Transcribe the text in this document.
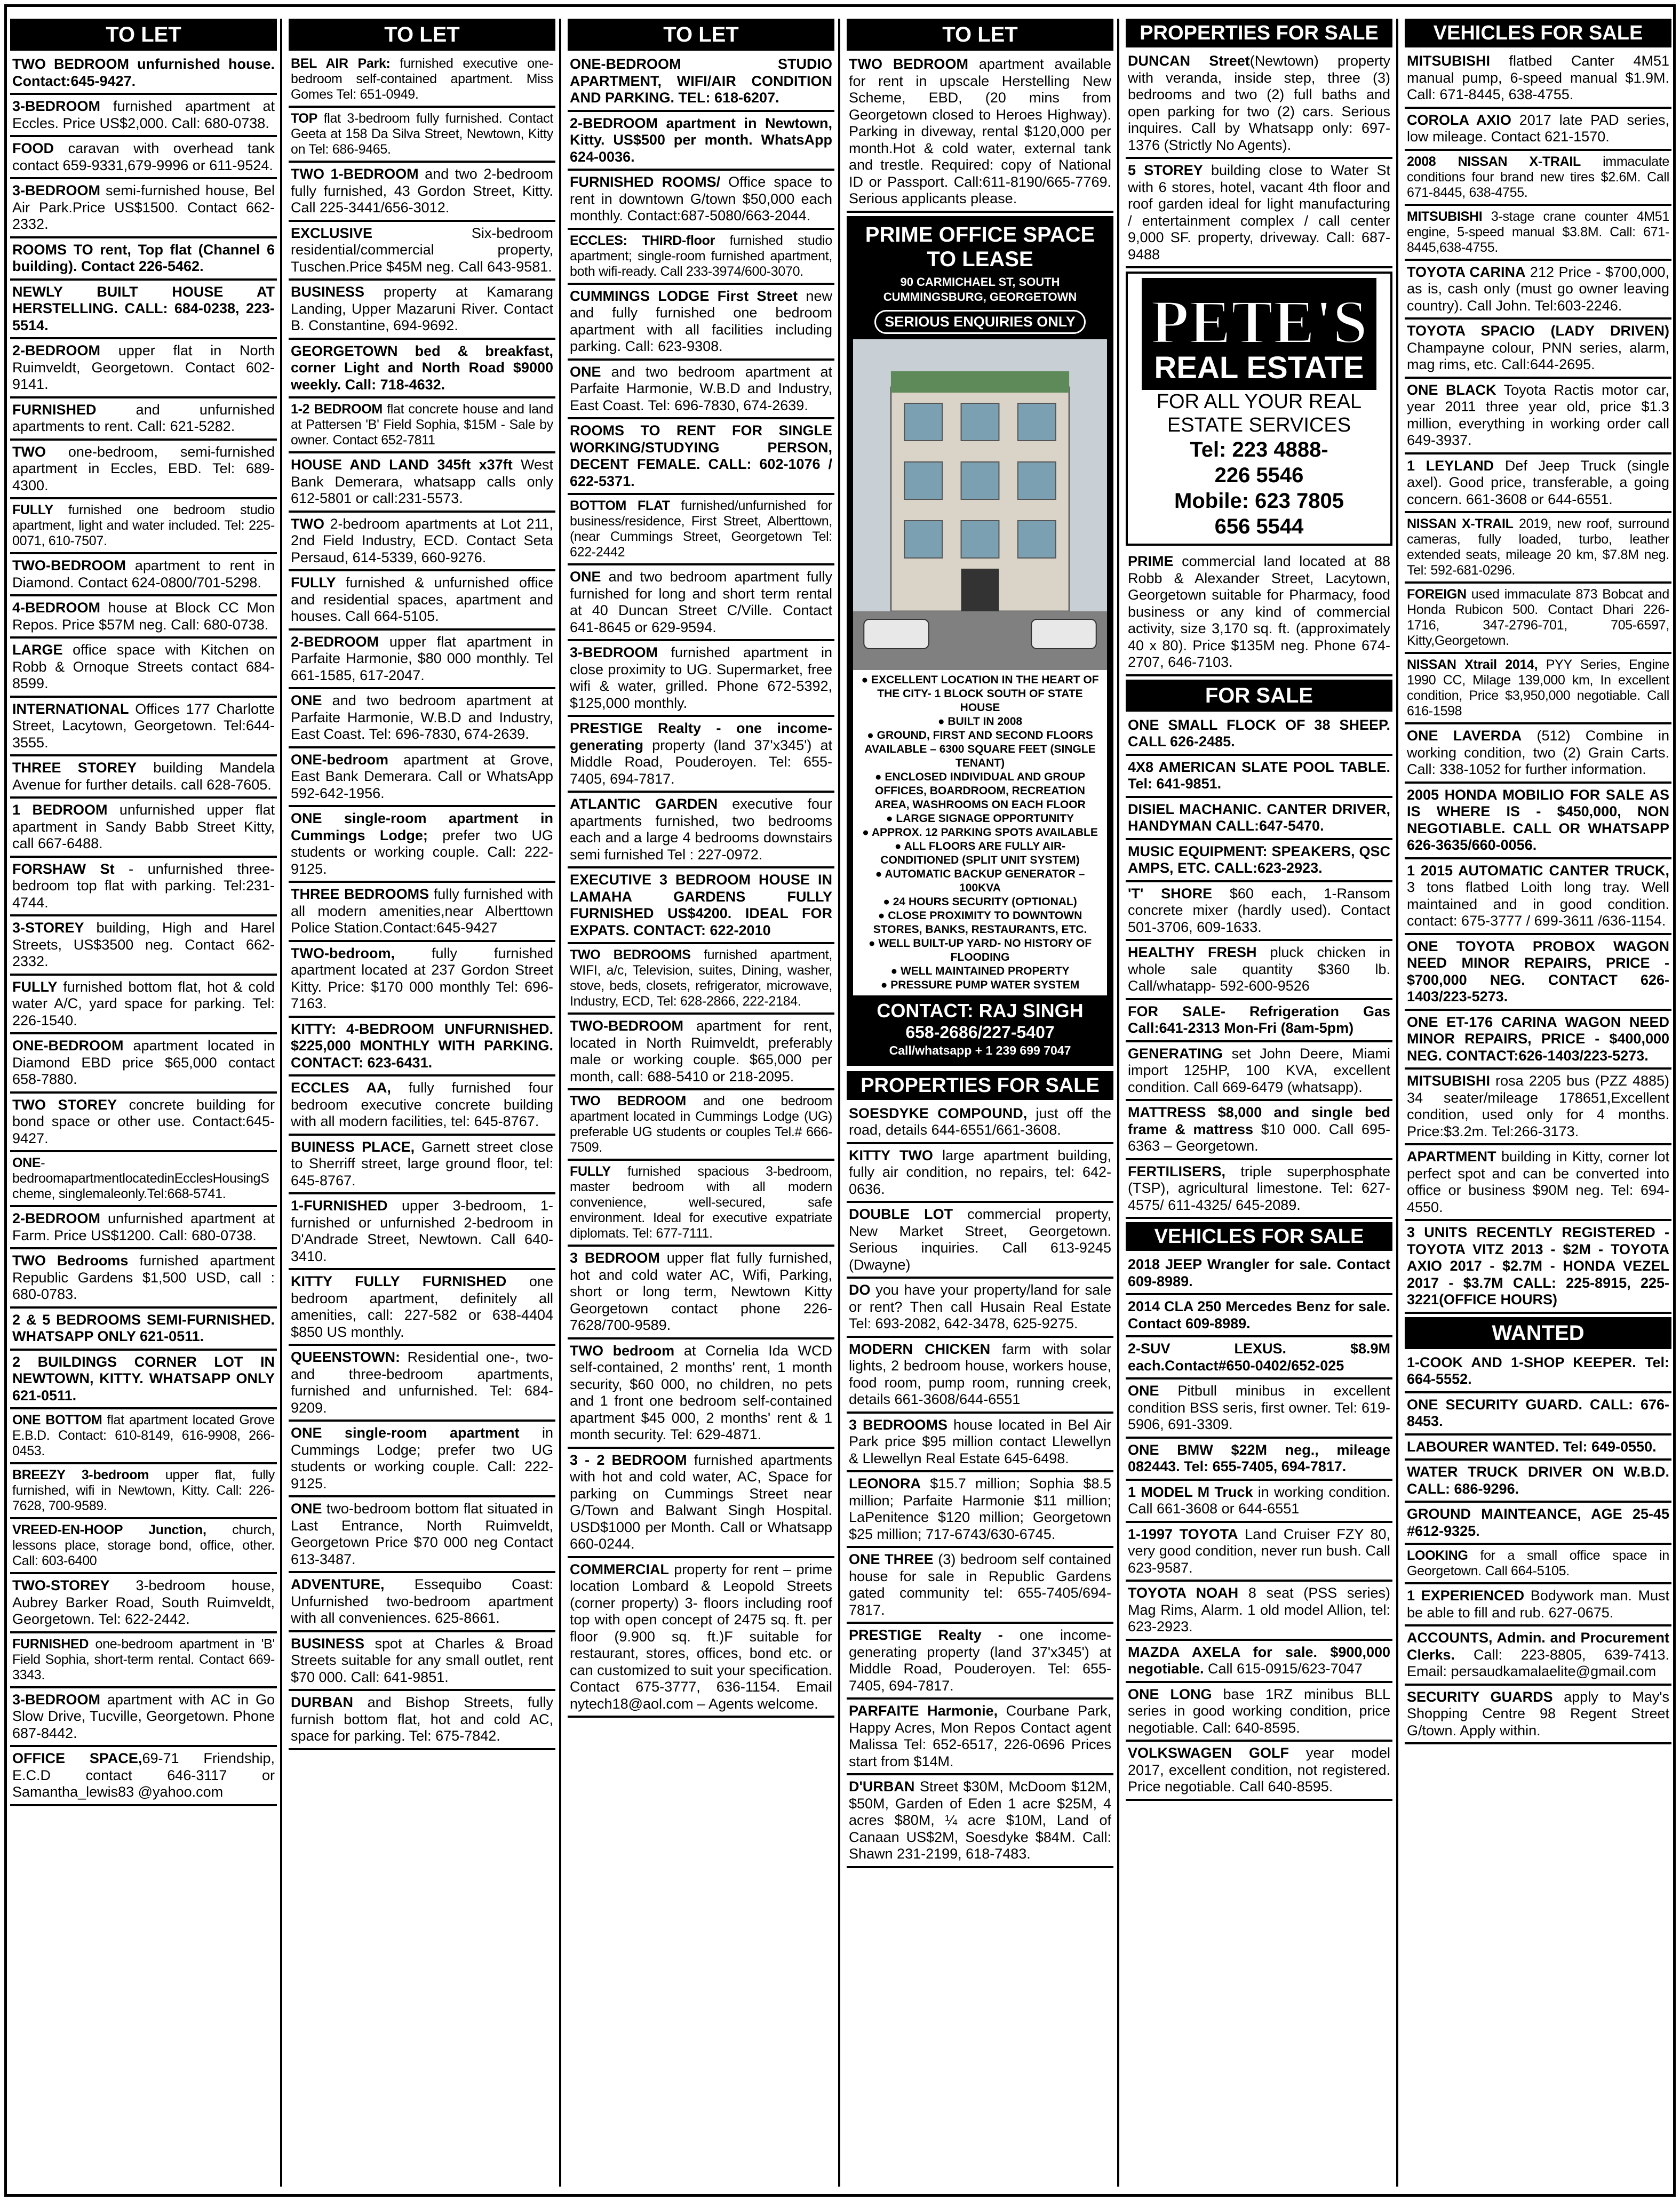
TO LET
TWO BEDROOM unfurnished house. Contact:645-9427.
3-BEDROOM furnished apartment at Eccles. Price US$2,000. Call: 680-0738.
FOOD caravan with overhead tank contact 659-9331,679-9996 or 611-9524.
3-BEDROOM semi-furnished house, Bel Air Park.Price US$1500. Contact 662-2332.
ROOMS TO rent, Top flat (Channel 6 building). Contact 226-5462.
NEWLY BUILT HOUSE AT HERSTELLING. CALL: 684-0238, 223-5514.
2-BEDROOM upper flat in North Ruimveldt, Georgetown. Contact 602-9141.
FURNISHED and unfurnished apartments to rent. Call: 621-5282.
TWO one-bedroom, semi-furnished apartment in Eccles, EBD. Tel: 689-4300.
FULLY furnished one bedroom studio apartment, light and water included. Tel: 225-0071, 610-7507.
TWO-BEDROOM apartment to rent in Diamond. Contact 624-0800/701-5298.
4-BEDROOM house at Block CC Mon Repos. Price $57M neg. Call: 680-0738.
LARGE office space with Kitchen on Robb & Ornoque Streets contact 684-8599.
INTERNATIONAL Offices 177 Charlotte Street, Lacytown, Georgetown. Tel:644-3555.
THREE STOREY building Mandela Avenue for further details. call 628-7605.
1 BEDROOM unfurnished upper flat apartment in Sandy Babb Street Kitty, call 667-6488.
FORSHAW St - unfurnished three-bedroom top flat with parking. Tel:231-4744.
3-STOREY building, High and Harel Streets, US$3500 neg. Contact 662-2332.
FULLY furnished bottom flat, hot & cold water A/C, yard space for parking. Tel: 226-1540.
ONE-BEDROOM apartment located in Diamond EBD price $65,000 contact 658-7880.
TWO STOREY concrete building for bond space or other use. Contact:645-9427.
ONE-bedroomapartmentlocatedinEcclesHousingScheme, singlemaleonly.Tel:668-5741.
2-BEDROOM unfurnished apartment at Farm. Price US$1200. Call: 680-0738.
TWO Bedrooms furnished apartment Republic Gardens $1,500 USD, call : 680-0783.
2 & 5 BEDROOMS SEMI-FURNISHED. WHATSAPP ONLY 621-0511.
2 BUILDINGS CORNER LOT IN NEWTOWN, KITTY. WHATSAPP ONLY 621-0511.
ONE BOTTOM flat apartment located Grove E.B.D. Contact: 610-8149, 616-9908, 266-0453.
BREEZY 3-bedroom upper flat, fully furnished, wifi in Newtown, Kitty. Call: 226-7628, 700-9589.
VREED-EN-HOOP Junction, church, lessons place, storage bond, office, other. Call: 603-6400
TWO-STOREY 3-bedroom house, Aubrey Barker Road, South Ruimveldt, Georgetown. Tel: 622-2442.
FURNISHED one-bedroom apartment in 'B' Field Sophia, short-term rental. Contact 669-3343.
3-BEDROOM apartment with AC in Go Slow Drive, Tucville, Georgetown. Phone 687-8442.
OFFICE SPACE,69-71 Friendship, E.C.D contact 646-3117 or Samantha_lewis83 @yahoo.com
TO LET
BEL AIR Park: furnished executive one-bedroom self-contained apartment. Miss Gomes Tel: 651-0949.
TOP flat 3-bedroom fully furnished. Contact Geeta at 158 Da Silva Street, Newtown, Kitty on Tel: 686-9465.
TWO 1-BEDROOM and two 2-bedroom fully furnished, 43 Gordon Street, Kitty. Call 225-3441/656-3012.
EXCLUSIVE Six-bedroom residential/commercial property, Tuschen.Price $45M neg. Call 643-9581.
BUSINESS property at Kamarang Landing, Upper Mazaruni River. Contact B. Constantine, 694-9692.
GEORGETOWN bed & breakfast, corner Light and North Road $9000 weekly. Call: 718-4632.
1-2 BEDROOM flat concrete house and land at Pattersen 'B' Field Sophia, $15M - Sale by owner. Contact 652-7811
HOUSE AND LAND 345ft x37ft West Bank Demerara, whatsapp calls only 612-5801 or call:231-5573.
TWO 2-bedroom apartments at Lot 211, 2nd Field Industry, ECD. Contact Seta Persaud, 614-5339, 660-9276.
FULLY furnished & unfurnished office and residential spaces, apartment and houses. Call 664-5105.
2-BEDROOM upper flat apartment in Parfaite Harmonie, $80 000 monthly. Tel 661-1585, 617-2047.
ONE and two bedroom apartment at Parfaite Harmonie, W.B.D and Industry, East Coast. Tel: 696-7830, 674-2639.
ONE-bedroom apartment at Grove, East Bank Demerara. Call or WhatsApp 592-642-1956.
ONE single-room apartment in Cummings Lodge; prefer two UG students or working couple. Call: 222-9125.
THREE BEDROOMS fully furnished with all modern amenities,near Alberttown Police Station.Contact:645-9427
TWO-bedroom, fully furnished apartment located at 237 Gordon Street Kitty. Price: $170 000 monthly Tel: 696-7163.
KITTY: 4-BEDROOM UNFURNISHED. $225,000 MONTHLY WITH PARKING. CONTACT: 623-6431.
ECCLES AA, fully furnished four bedroom executive concrete building with all modern facilities, tel: 645-8767.
BUINESS PLACE, Garnett street close to Sherriff street, large ground floor, tel: 645-8767.
1-FURNISHED upper 3-bedroom, 1-furnished or unfurnished 2-bedroom in D'Andrade Street, Newtown. Call 640-3410.
KITTY FULLY FURNISHED one bedroom apartment, definitely all amenities, call: 227-582 or 638-4404 $850 US monthly.
QUEENSTOWN: Residential one-, two- and three-bedroom apartments, furnished and unfurnished. Tel: 684-9209.
ONE single-room apartment in Cummings Lodge; prefer two UG students or working couple. Call: 222-9125.
ONE two-bedroom bottom flat situated in Last Entrance, North Ruimveldt, Georgetown Price $70 000 neg Contact 613-3487.
ADVENTURE, Essequibo Coast: Unfurnished two-bedroom apartment with all conveniences. 625-8661.
BUSINESS spot at Charles & Broad Streets suitable for any small outlet, rent $70 000. Call: 641-9851.
DURBAN and Bishop Streets, fully furnish bottom flat, hot and cold AC, space for parking. Tel: 675-7842.
TO LET
ONE-BEDROOM STUDIO APARTMENT, WIFI/AIR CONDITION AND PARKING. TEL: 618-6207.
2-BEDROOM apartment in Newtown, Kitty. US$500 per month. WhatsApp 624-0036.
FURNISHED ROOMS/ Office space to rent in downtown G/town $50,000 each monthly. Contact:687-5080/663-2044.
ECCLES: THIRD-floor furnished studio apartment; single-room furnished apartment, both wifi-ready. Call 233-3974/600-3070.
CUMMINGS LODGE First Street new and fully furnished one bedroom apartment with all facilities including parking. Call: 623-9308.
ONE and two bedroom apartment at Parfaite Harmonie, W.B.D and Industry, East Coast. Tel: 696-7830, 674-2639.
ROOMS TO RENT FOR SINGLE WORKING/STUDYING PERSON, DECENT FEMALE. CALL: 602-1076 / 622-5371.
BOTTOM FLAT furnished/unfurnished for business/residence, First Street, Alberttown, (near Cummings Street, Georgetown Tel: 622-2442
ONE and two bedroom apartment fully furnished for long and short term rental at 40 Duncan Street C/Ville. Contact 641-8645 or 629-9594.
3-BEDROOM furnished apartment in close proximity to UG. Supermarket, free wifi & water, grilled. Phone 672-5392, $125,000 monthly.
PRESTIGE Realty - one income-generating property (land 37'x345') at Middle Road, Pouderoyen. Tel: 655-7405, 694-7817.
ATLANTIC GARDEN executive four apartments furnished, two bedrooms each and a large 4 bedrooms downstairs semi furnished Tel : 227-0972.
EXECUTIVE 3 BEDROOM HOUSE IN LAMAHA GARDENS FULLY FURNISHED US$4200. IDEAL FOR EXPATS. CONTACT: 622-2010
TWO BEDROOMS furnished apartment, WIFI, a/c, Television, suites, Dining, washer, stove, beds, closets, refrigerator, microwave, Industry, ECD, Tel: 628-2866, 222-2184.
TWO-BEDROOM apartment for rent, located in North Ruimveldt, preferably male or working couple. $65,000 per month, call: 688-5410 or 218-2095.
TWO BEDROOM and one bedroom apartment located in Cummings Lodge (UG) preferable UG students or couples Tel.# 666-7509.
FULLY furnished spacious 3-bedroom, master bedroom with all modern convenience, well-secured, safe environment. Ideal for executive expatriate diplomats. Tel: 677-7111.
3 BEDROOM upper flat fully furnished, hot and cold water AC, Wifi, Parking, short or long term, Newtown Kitty Georgetown contact phone 226-7628/700-9589.
TWO bedroom at Cornelia Ida WCD self-contained, 2 months' rent, 1 month security, $60 000, no children, no pets and 1 front one bedroom self-contained apartment $45 000, 2 months' rent & 1 month security. Tel: 629-4871.
3 - 2 BEDROOM furnished apartments with hot and cold water, AC, Space for parking on Cummings Street near G/Town and Balwant Singh Hospital. USD$1000 per Month. Call or Whatsapp 660-0244.
COMMERCIAL property for rent – prime location Lombard & Leopold Streets (corner property) 3- floors including roof top with open concept of 2475 sq. ft. per floor (9.900 sq. ft.)F suitable for restaurant, stores, offices, bond etc. or can customized to suit your specification. Contact 675-3777, 636-1154. Email nytech18@aol.com – Agents welcome.
TO LET
TWO BEDROOM apartment available for rent in upscale Herstelling New Scheme, EBD, (20 mins from Georgetown closed to Heroes Highway). Parking in diveway, rental $120,000 per month.Hot & cold water, external tank and trestle. Required: copy of National ID or Passport. Call:611-8190/665-7769. Serious applicants please.
PRIME OFFICE SPACE TO LEASE
90 CARMICHAEL ST, SOUTH CUMMINGSBURG, GEORGETOWN
SERIOUS ENQUIRIES ONLY
● EXCELLENT LOCATION IN THE HEART OF THE CITY- 1 BLOCK SOUTH OF STATE HOUSE
● BUILT IN 2008
● GROUND, FIRST AND SECOND FLOORS AVAILABLE – 6300 SQUARE FEET (SINGLE TENANT)
● ENCLOSED INDIVIDUAL AND GROUP OFFICES, BOARDROOM, RECREATION AREA, WASHROOMS ON EACH FLOOR
● LARGE SIGNAGE OPPORTUNITY
● APPROX. 12 PARKING SPOTS AVAILABLE
● ALL FLOORS ARE FULLY AIR-CONDITIONED (SPLIT UNIT SYSTEM)
● AUTOMATIC BACKUP GENERATOR – 100KVA
● 24 HOURS SECURITY (OPTIONAL)
● CLOSE PROXIMITY TO DOWNTOWN STORES, BANKS, RESTAURANTS, ETC.
● WELL BUILT-UP YARD- NO HISTORY OF FLOODING
● WELL MAINTAINED PROPERTY
● PRESSURE PUMP WATER SYSTEM
CONTACT: RAJ SINGH
658-2686/227-5407
Call/whatsapp + 1 239 699 7047
PROPERTIES FOR SALE
SOESDYKE COMPOUND, just off the road, details 644-6551/661-3608.
KITTY TWO large apartment building, fully air condition, no repairs, tel: 642-0636.
DOUBLE LOT commercial property, New Market Street, Georgetown. Serious inquiries. Call 613-9245 (Dwayne)
DO you have your property/land for sale or rent? Then call Husain Real Estate Tel: 693-2082, 642-3478, 625-9275.
MODERN CHICKEN farm with solar lights, 2 bedroom house, workers house, food room, pump room, running creek, details 661-3608/644-6551
3 BEDROOMS house located in Bel Air Park price $95 million contact Llewellyn & Llewellyn Real Estate 645-6498.
LEONORA $15.7 million; Sophia $8.5 million; Parfaite Harmonie $11 million; LaPenitence $120 million; Georgetown $25 million; 717-6743/630-6745.
ONE THREE (3) bedroom self contained house for sale in Republic Gardens gated community tel: 655-7405/694-7817.
PRESTIGE Realty - one income-generating property (land 37'x345') at Middle Road, Pouderoyen. Tel: 655-7405, 694-7817.
PARFAITE Harmonie, Courbane Park, Happy Acres, Mon Repos Contact agent Malissa Tel: 652-6517, 226-0696 Prices start from $14M.
D'URBAN Street $30M, McDoom $12M, $50M, Garden of Eden 1 acre $25M, 4 acres $80M, ¼ acre $10M, Land of Canaan US$2M, Soesdyke $84M. Call: Shawn 231-2199, 618-7483.
PROPERTIES FOR SALE
DUNCAN Street(Newtown) property with veranda, inside step, three (3) bedrooms and two (2) full baths and open parking for two (2) cars. Serious inquires. Call by Whatsapp only: 697-1376 (Strictly No Agents).
5 STOREY building close to Water St with 6 stores, hotel, vacant 4th floor and roof garden ideal for light manufacturing / entertainment complex / call center 9,000 SF. property, driveway. Call: 687-9488
PETE'S
REAL ESTATE
FOR ALL YOUR REAL ESTATE SERVICES
Tel: 223 4888-
226 5546
Mobile: 623 7805
656 5544
PRIME commercial land located at 88 Robb & Alexander Street, Lacytown, Georgetown suitable for Pharmacy, food business or any kind of commercial activity, size 3,170 sq. ft. (approximately 40 x 80). Price $135M neg. Phone 674-2707, 646-7103.
FOR SALE
ONE SMALL FLOCK OF 38 SHEEP. CALL 626-2485.
4X8 AMERICAN SLATE POOL TABLE. Tel: 641-9851.
DISIEL MACHANIC. CANTER DRIVER, HANDYMAN CALL:647-5470.
MUSIC EQUIPMENT: SPEAKERS, QSC AMPS, ETC. CALL:623-2923.
'T' SHORE $60 each, 1-Ransom concrete mixer (hardly used). Contact 501-3706, 609-1633.
HEALTHY FRESH pluck chicken in whole sale quantity $360 lb. Call/whatapp- 592-600-9526
FOR SALE- Refrigeration Gas Call:641-2313 Mon-Fri (8am-5pm)
GENERATING set John Deere, Miami import 125HP, 100 KVA, excellent condition. Call 669-6479 (whatsapp).
MATTRESS $8,000 and single bed frame & mattress $10 000. Call 695-6363 – Georgetown.
FERTILISERS, triple superphosphate (TSP), agricultural limestone. Tel: 627-4575/ 611-4325/ 645-2089.
VEHICLES FOR SALE
2018 JEEP Wrangler for sale. Contact 609-8989.
2014 CLA 250 Mercedes Benz for sale. Contact 609-8989.
2-SUV LEXUS. $8.9M each.Contact#650-0402/652-025
ONE Pitbull minibus in excellent condition BSS seris, first owner. Tel: 619-5906, 691-3309.
ONE BMW $22M neg., mileage 082443. Tel: 655-7405, 694-7817.
1 MODEL M Truck in working condition. Call 661-3608 or 644-6551
1-1997 TOYOTA Land Cruiser FZY 80, very good condition, never run bush. Call 623-9587.
TOYOTA NOAH 8 seat (PSS series) Mag Rims, Alarm. 1 old model Allion, tel: 623-2923.
MAZDA AXELA for sale. $900,000 negotiable. Call 615-0915/623-7047
ONE LONG base 1RZ minibus BLL series in good working condition, price negotiable. Call: 640-8595.
VOLKSWAGEN GOLF year model 2017, excellent condition, not registered. Price negotiable. Call 640-8595.
VEHICLES FOR SALE
MITSUBISHI flatbed Canter 4M51 manual pump, 6-speed manual $1.9M. Call: 671-8445, 638-4755.
COROLA AXIO 2017 late PAD series, low mileage. Contact 621-1570.
2008 NISSAN X-TRAIL immaculate conditions four brand new tires $2.6M. Call 671-8445, 638-4755.
MITSUBISHI 3-stage crane counter 4M51 engine, 5-speed manual $3.8M. Call: 671-8445,638-4755.
TOYOTA CARINA 212 Price - $700,000, as is, cash only (must go owner leaving country). Call John. Tel:603-2246.
TOYOTA SPACIO (LADY DRIVEN) Champayne colour, PNN series, alarm, mag rims, etc. Call:644-2695.
ONE BLACK Toyota Ractis motor car, year 2011 three year old, price $1.3 million, everything in working order call 649-3937.
1 LEYLAND Def Jeep Truck (single axel). Good price, transferable, a going concern. 661-3608 or 644-6551.
NISSAN X-TRAIL 2019, new roof, surround cameras, fully loaded, turbo, leather extended seats, mileage 20 km, $7.8M neg. Tel: 592-681-0296.
FOREIGN used immaculate 873 Bobcat and Honda Rubicon 500. Contact Dhari 226-1716, 347-2796-701, 705-6597, Kitty,Georgetown.
NISSAN Xtrail 2014, PYY Series, Engine 1990 CC, Milage 139,000 km, In excellent condition, Price $3,950,000 negotiable. Call 616-1598
ONE LAVERDA (512) Combine in working condition, two (2) Grain Carts. Call: 338-1052 for further information.
2005 HONDA MOBILIO FOR SALE AS IS WHERE IS - $450,000, NON NEGOTIABLE. CALL OR WHATSAPP 626-3635/660-0056.
1 2015 AUTOMATIC CANTER TRUCK, 3 tons flatbed Loith long tray. Well maintained and in good condition. contact: 675-3777 / 699-3611 /636-1154.
ONE TOYOTA PROBOX WAGON NEED MINOR REPAIRS, PRICE - $700,000 NEG. CONTACT 626-1403/223-5273.
ONE ET-176 CARINA WAGON NEED MINOR REPAIRS, PRICE - $400,000 NEG. CONTACT:626-1403/223-5273.
MITSUBISHI rosa 2205 bus (PZZ 4885) 34 seater/mileage 178651,Excellent condition, used only for 4 months. Price:$3.2m. Tel:266-3173.
APARTMENT building in Kitty, corner lot perfect spot and can be converted into office or business $90M neg. Tel: 694-4550.
3 UNITS RECENTLY REGISTERED - TOYOTA VITZ 2013 - $2M - TOYOTA AXIO 2017 - $2.7M - HONDA VEZEL 2017 - $3.7M CALL: 225-8915, 225-3221(OFFICE HOURS)
WANTED
1-COOK AND 1-SHOP KEEPER. Tel: 664-5552.
ONE SECURITY GUARD. CALL: 676-8453.
LABOURER WANTED. Tel: 649-0550.
WATER TRUCK DRIVER ON W.B.D. CALL: 686-9296.
GROUND MAINTEANCE, AGE 25-45 #612-9325.
LOOKING for a small office space in Georgetown. Call 664-5105.
1 EXPERIENCED Bodywork man. Must be able to fill and rub. 627-0675.
ACCOUNTS, Admin. and Procurement Clerks. Call: 223-8805, 639-7413. Email: persaudkamalaelite@gmail.com
SECURITY GUARDS apply to May's Shopping Centre 98 Regent Street G/town. Apply within.
